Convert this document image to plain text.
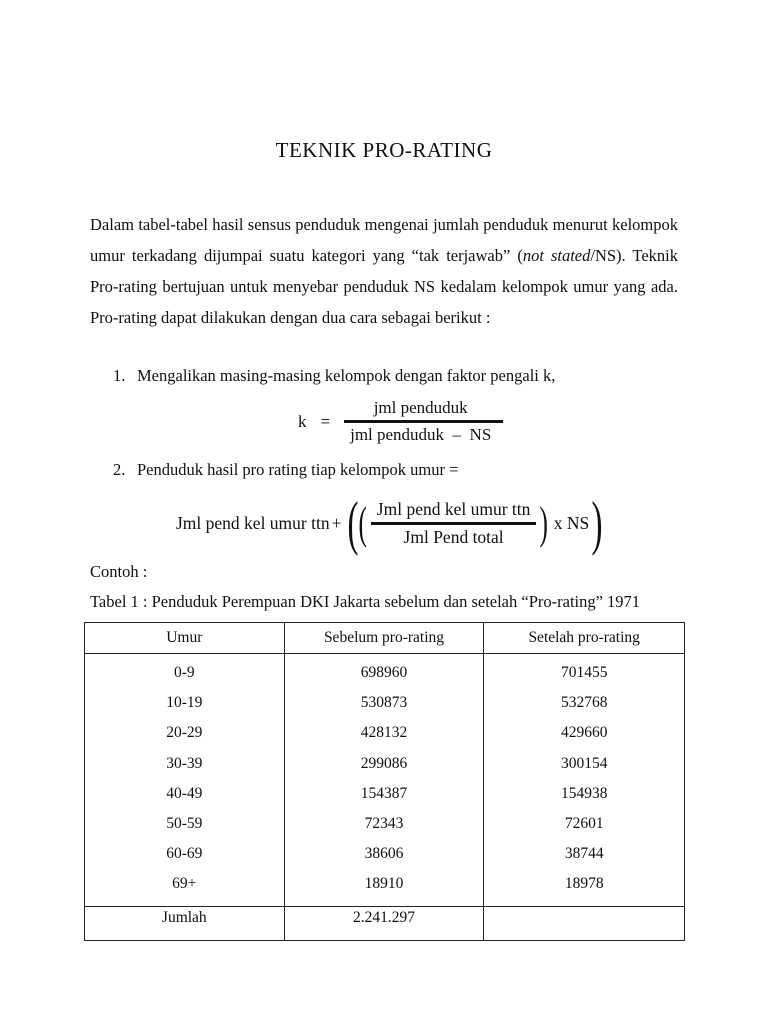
TEKNIK PRO-RATING
Dalam tabel-tabel hasil sensus penduduk mengenai jumlah penduduk menurut kelompok umur terkadang dijumpai suatu kategori yang “tak terjawab” (not stated/NS). Teknik Pro-rating bertujuan untuk menyebar penduduk NS kedalam kelompok umur yang ada. Pro-rating dapat dilakukan dengan dua cara sebagai berikut :
1. Mengalikan masing-masing kelompok dengan faktor pengali k,
$k = \frac{\text{jml penduduk}}{\text{jml penduduk  –  NS}}$
2. Penduduk hasil pro rating tiap kelompok umur =
Jml pend kel umur ttn + ( ( $\frac{\text{Jml pend kel umur ttn}}{\text{Jml Pend total}}$ ) x NS )
Contoh :
Tabel 1 : Penduduk Perempuan DKI Jakarta sebelum dan setelah “Pro-rating” 1971
Umur	Sebelum pro-rating	Setelah pro-rating
0-9	698960	701455
10-19	530873	532768
20-29	428132	429660
30-39	299086	300154
40-49	154387	154938
50-59	72343	72601
60-69	38606	38744
69+	18910	18978
Jumlah	2.241.297	
